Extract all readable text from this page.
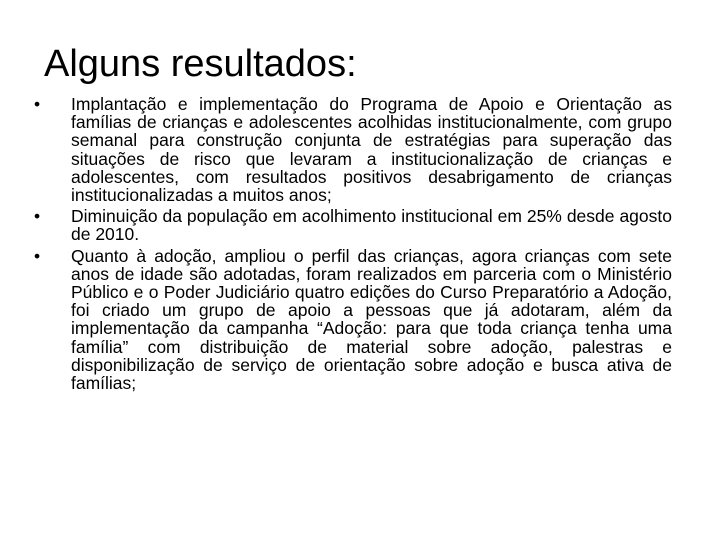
Alguns resultados:
•	Implantação e implementação do Programa de Apoio e Orientação as famílias de crianças e adolescentes acolhidas institucionalmente, com grupo semanal para construção conjunta de estratégias para superação das situações de risco que levaram a institucionalização de crianças e adolescentes, com resultados positivos desabrigamento de crianças institucionalizadas a muitos anos;
•	Diminuição da população em acolhimento institucional em 25% desde agosto de 2010.
•	Quanto à adoção, ampliou o perfil das crianças, agora crianças com sete anos de idade são adotadas, foram realizados em parceria com o Ministério Público e o Poder Judiciário quatro edições do Curso Preparatório a Adoção, foi criado um grupo de apoio a pessoas que já adotaram, além da implementação da campanha “Adoção: para que toda criança tenha uma família” com distribuição de material sobre adoção, palestras e disponibilização de serviço de orientação sobre adoção e busca ativa de famílias;
